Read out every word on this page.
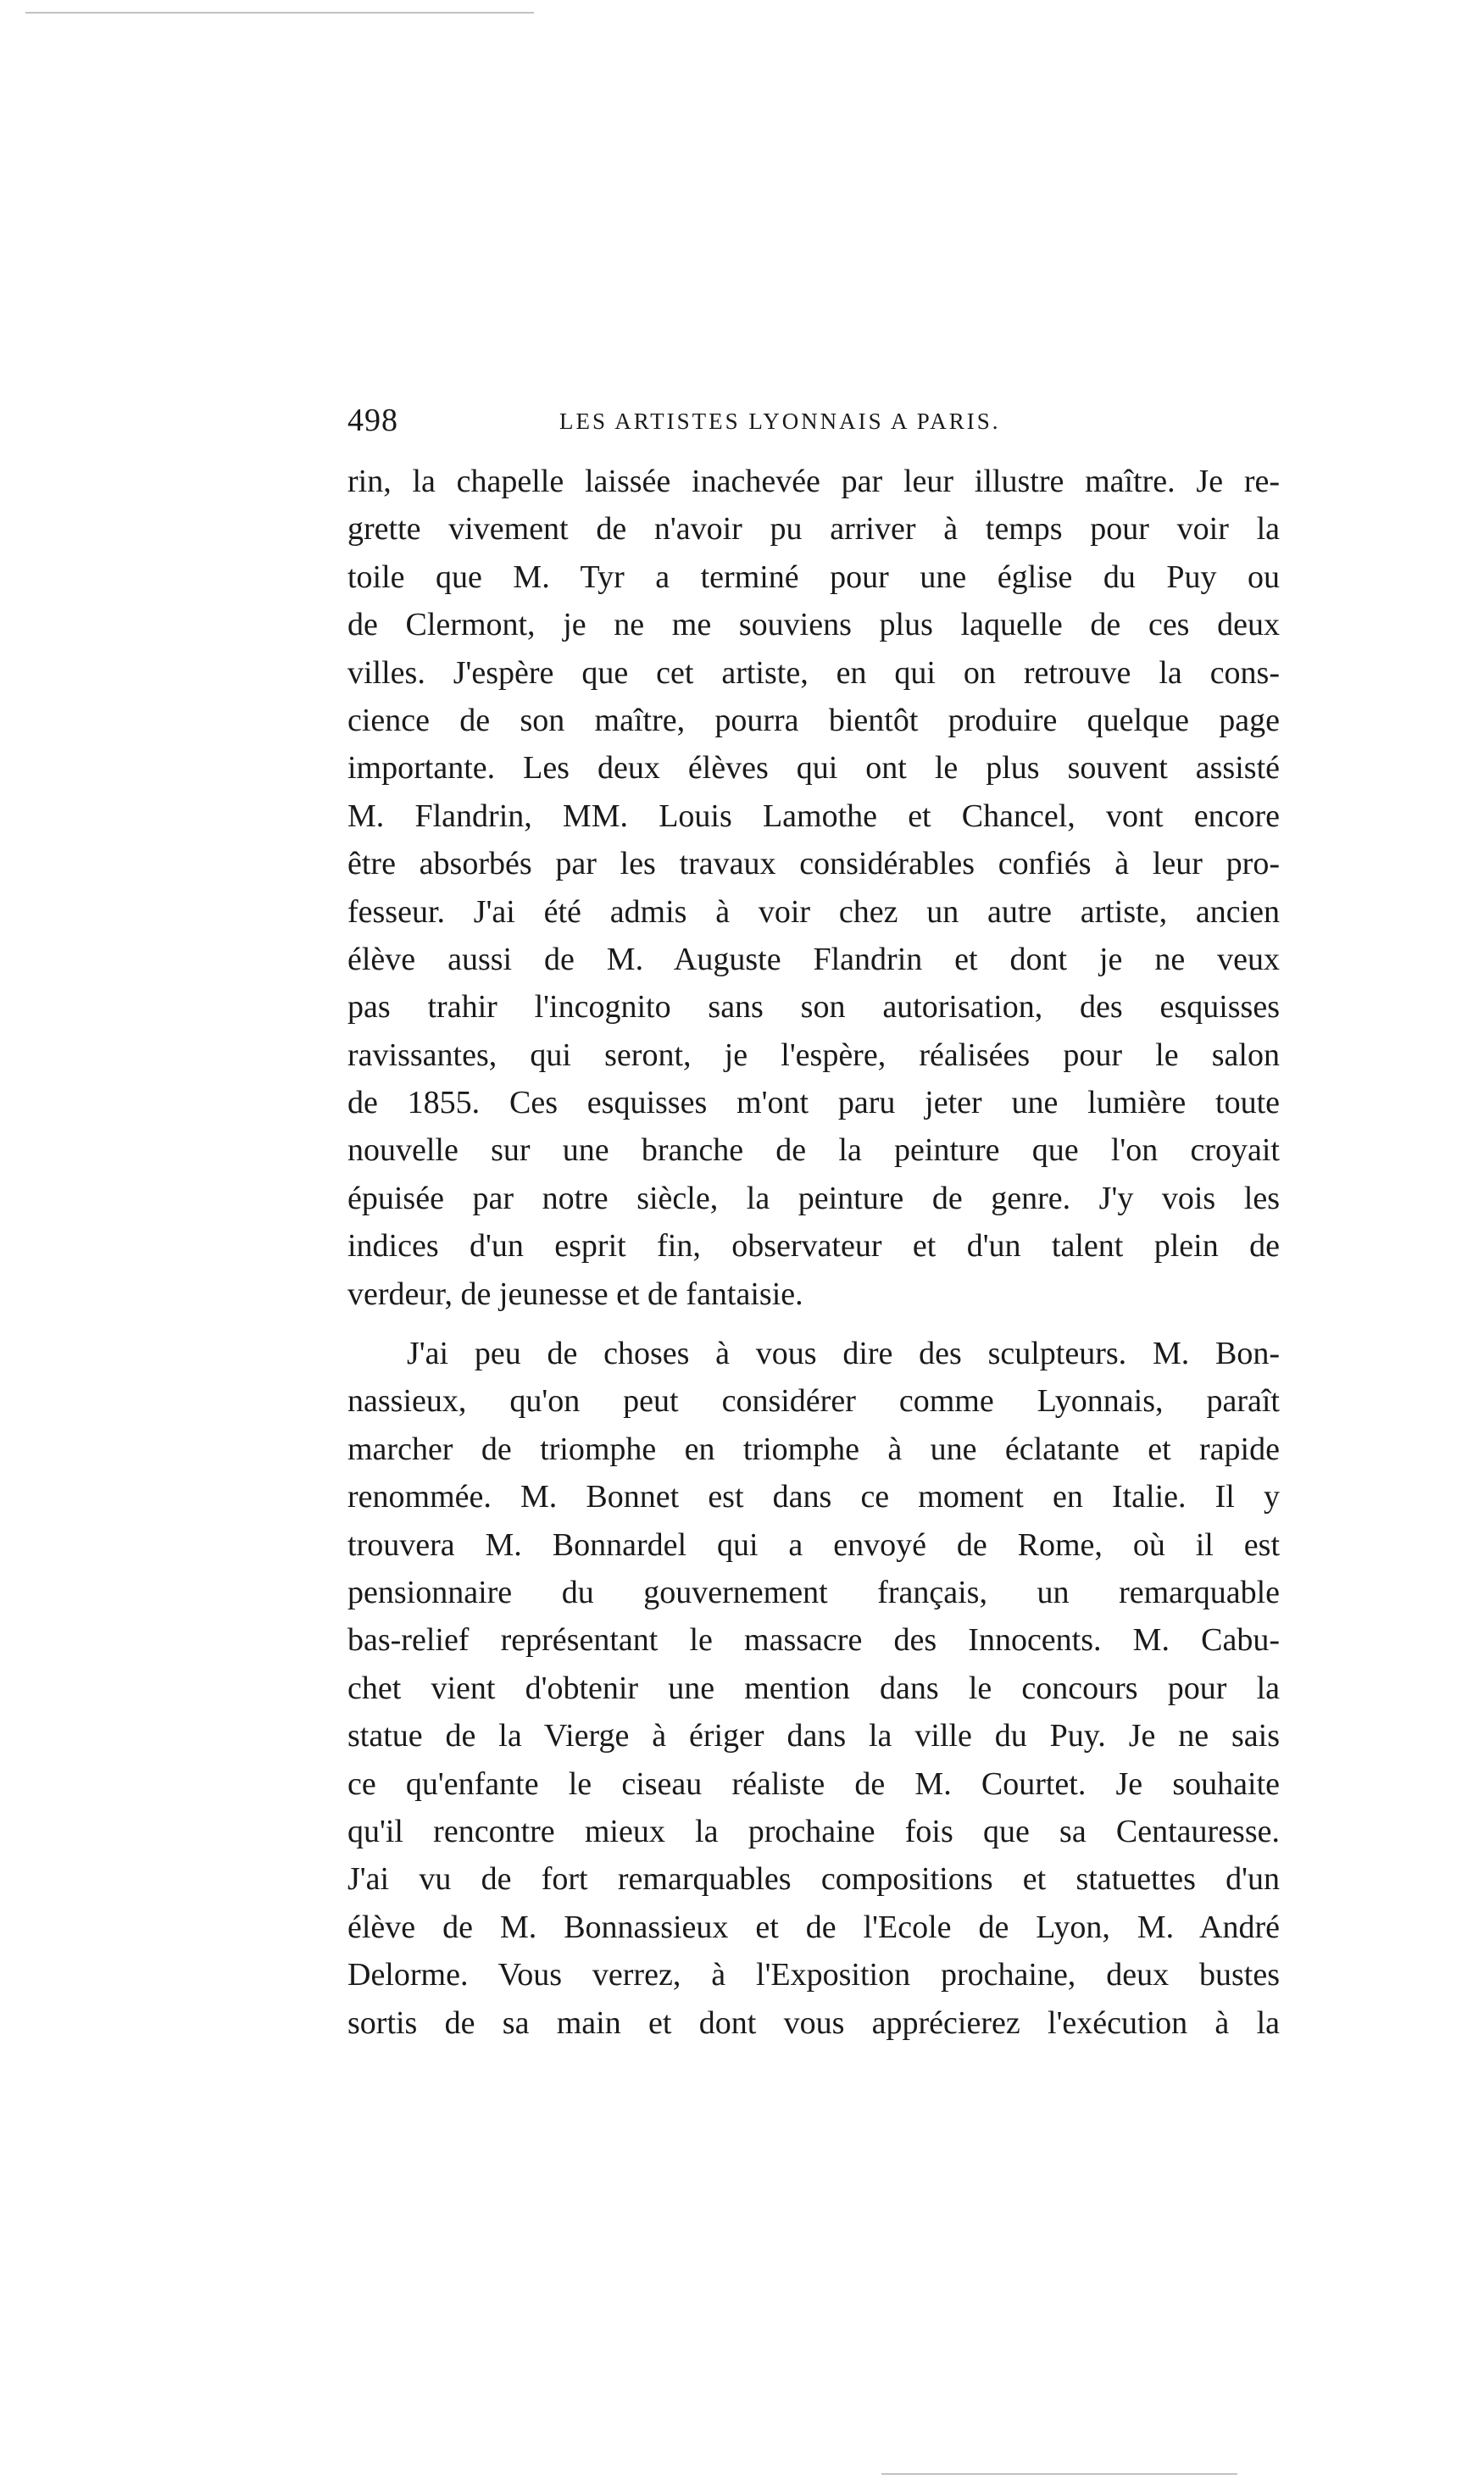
498	LES ARTISTES LYONNAIS A PARIS.
rin, la chapelle laissée inachevée par leur illustre maître. Je re-
grette vivement de n'avoir pu arriver à temps pour voir la
toile que M. Tyr a terminé pour une église du Puy ou
de Clermont, je ne me souviens plus laquelle de ces deux
villes. J'espère que cet artiste, en qui on retrouve la cons-
cience de son maître, pourra bientôt produire quelque page
importante. Les deux élèves qui ont le plus souvent assisté
M. Flandrin, MM. Louis Lamothe et Chancel, vont encore
être absorbés par les travaux considérables confiés à leur pro-
fesseur. J'ai été admis à voir chez un autre artiste, ancien
élève aussi de M. Auguste Flandrin et dont je ne veux
pas trahir l'incognito sans son autorisation, des esquisses
ravissantes, qui seront, je l'espère, réalisées pour le salon
de 1855. Ces esquisses m'ont paru jeter une lumière toute
nouvelle sur une branche de la peinture que l'on croyait
épuisée par notre siècle, la peinture de genre. J'y vois les
indices d'un esprit fin, observateur et d'un talent plein de
verdeur, de jeunesse et de fantaisie.
J'ai peu de choses à vous dire des sculpteurs. M. Bon-
nassieux, qu'on peut considérer comme Lyonnais, paraît
marcher de triomphe en triomphe à une éclatante et rapide
renommée. M. Bonnet est dans ce moment en Italie. Il y
trouvera M. Bonnardel qui a envoyé de Rome, où il est
pensionnaire du gouvernement français, un remarquable
bas-relief représentant le massacre des Innocents. M. Cabu-
chet vient d'obtenir une mention dans le concours pour la
statue de la Vierge à ériger dans la ville du Puy. Je ne sais
ce qu'enfante le ciseau réaliste de M. Courtet. Je souhaite
qu'il rencontre mieux la prochaine fois que sa Centauresse.
J'ai vu de fort remarquables compositions et statuettes d'un
élève de M. Bonnassieux et de l'Ecole de Lyon, M. André
Delorme. Vous verrez, à l'Exposition prochaine, deux bustes
sortis de sa main et dont vous apprécierez l'exécution à la
